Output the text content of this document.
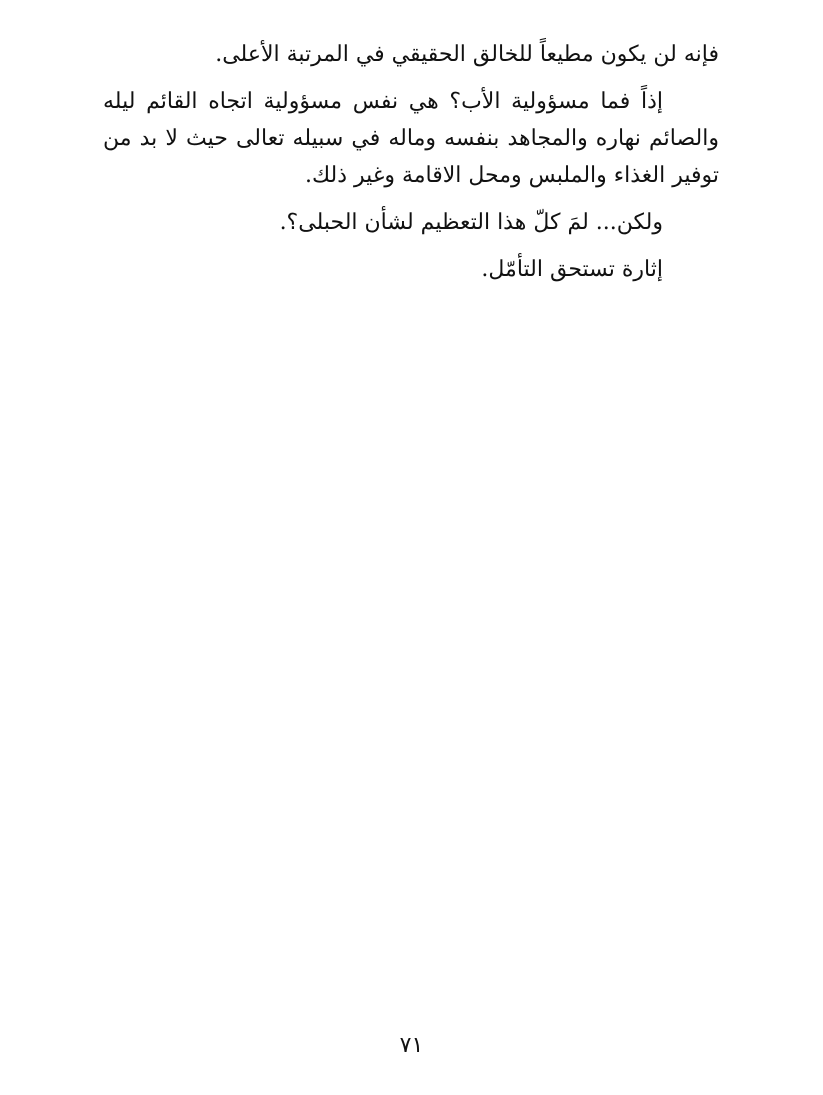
فإنه لن يكون مطيعاً للخالق الحقيقي في المرتبة الأعلى.

إذاً فما مسؤولية الأب؟ هي نفس مسؤولية اتجاه القائم ليله والصائم نهاره والمجاهد بنفسه وماله في سبيله تعالى حيث لا بد من توفير الغذاء والملبس ومحل الاقامة وغير ذلك.

ولكن... لمَ كلّ هذا التعظيم لشأن الحبلى؟.

إثارة تستحق التأمّل.

٧١
